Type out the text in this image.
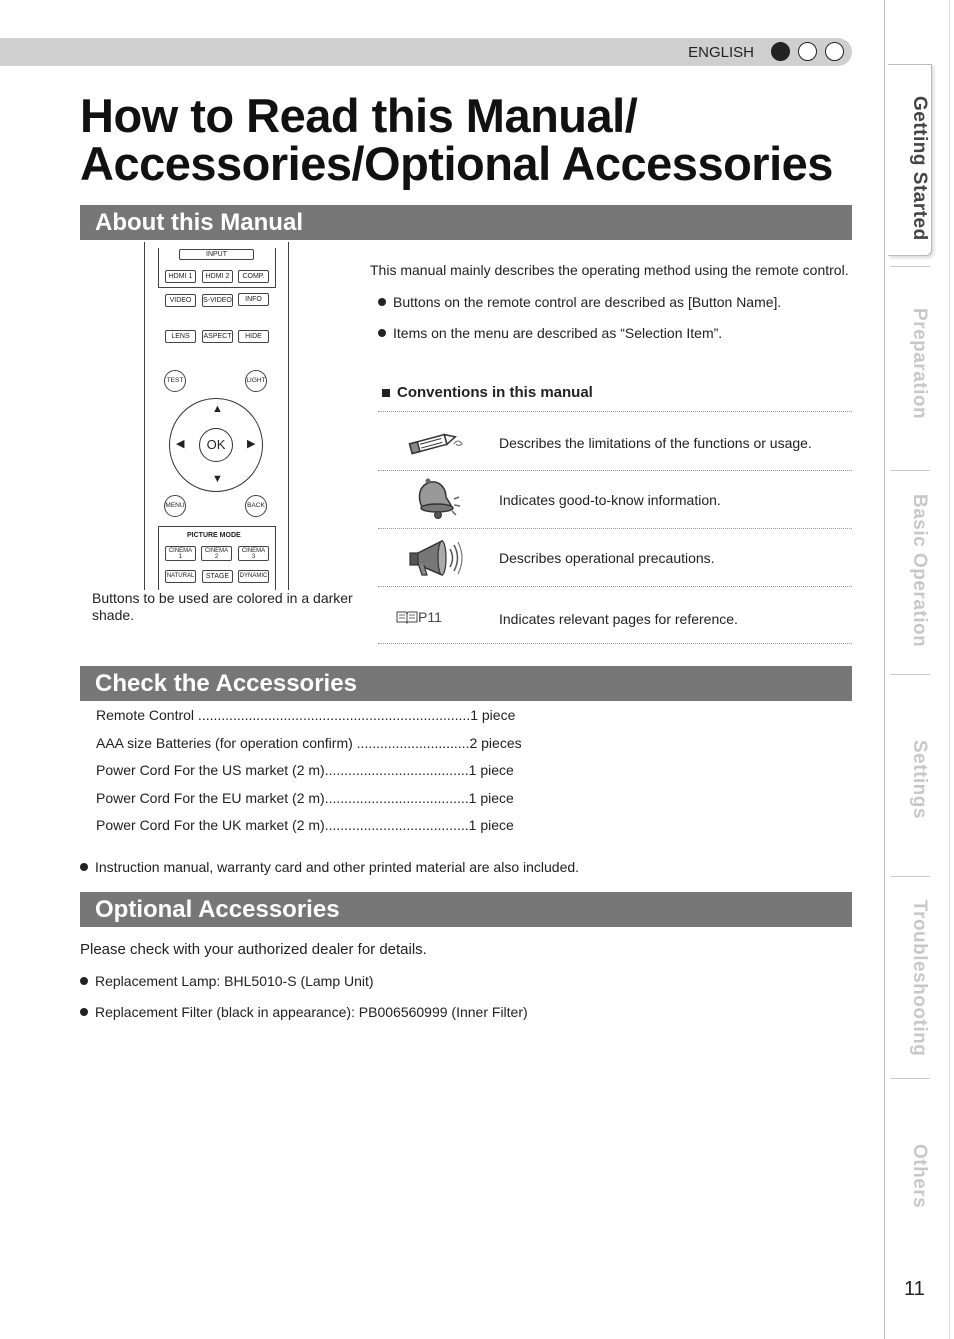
ENGLISH
How to Read this Manual/
Accessories/Optional Accessories
About this Manual
INPUT
HDMI 1	HDMI 2	COMP.
VIDEO	S-VIDEO	INFO
LENS	ASPECT	HIDE
TEST	LIGHT
▲
▼
◀	▶
OK
MENU	BACK
PICTURE MODE
CINEMA
1
CINEMA
2
CINEMA
3
NATURAL	STAGE	DYNAMIC
Buttons to be used are colored in a darker shade.
This manual mainly describes the operating method using the remote control.
Buttons on the remote control are described as [Button Name].
Items on the menu are described as “Selection Item”.
Conventions in this manual
Describes the limitations of the functions or usage.
Indicates good-to-know information.
Describes operational precautions.
P11	Indicates relevant pages for reference.
Check the Accessories
Remote Control ......................................................................1 piece
AAA size Batteries (for operation confirm) .............................2 pieces
Power Cord For the US market (2 m).....................................1 piece
Power Cord For the EU market (2 m).....................................1 piece
Power Cord For the UK market (2 m).....................................1 piece
Instruction manual, warranty card and other printed material are also included.
Optional Accessories
Please check with your authorized dealer for details.
Replacement Lamp: BHL5010-S (Lamp Unit)
Replacement Filter (black in appearance): PB006560999 (Inner Filter)
Getting Started
Preparation
Basic Operation
Settings
Troubleshooting
Others
11
